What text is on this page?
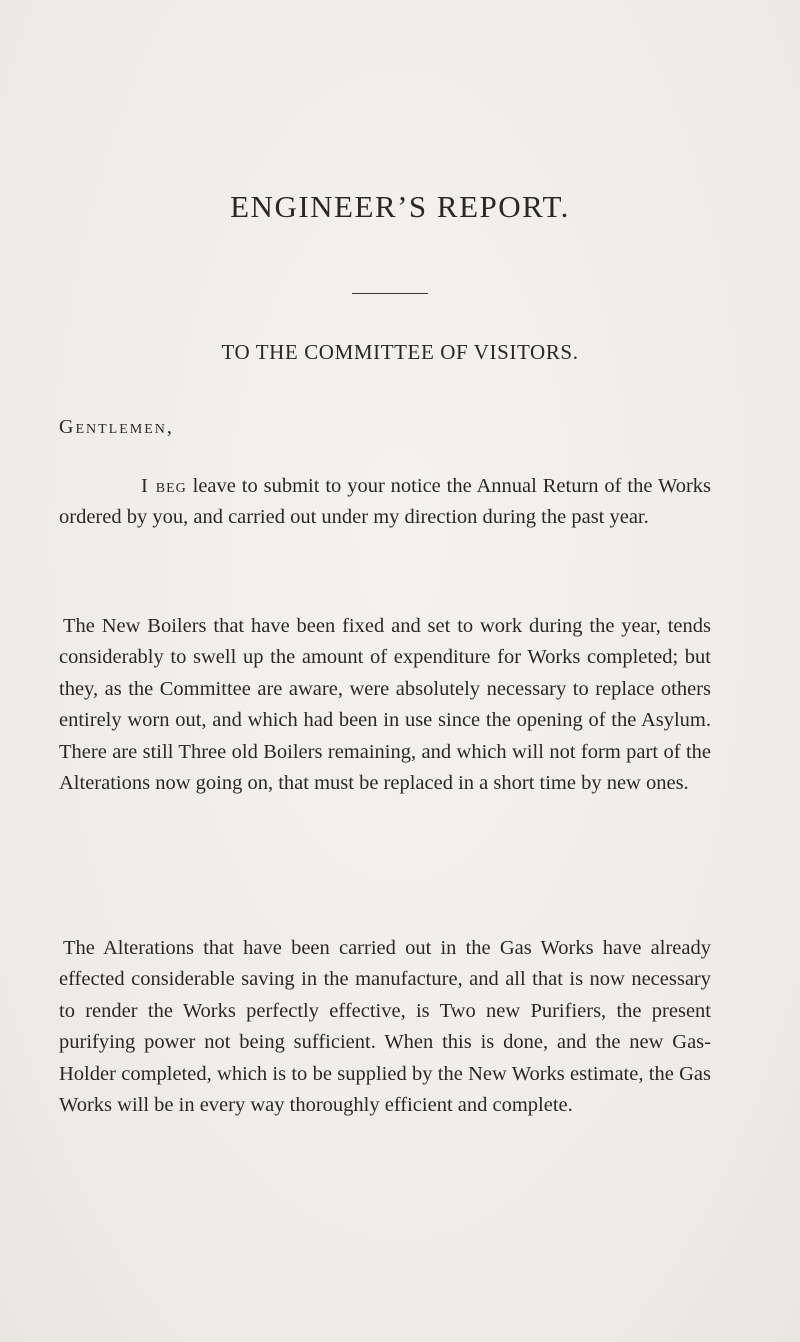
ENGINEER’S REPORT.
TO THE COMMITTEE OF VISITORS.
Gentlemen,

I beg leave to submit to your notice the Annual Return of the Works ordered by you, and carried out under my direction during the past year.

The New Boilers that have been fixed and set to work during the year, tends considerably to swell up the amount of expenditure for Works completed; but they, as the Committee are aware, were absolutely necessary to replace others entirely worn out, and which had been in use since the opening of the Asylum. There are still Three old Boilers remaining, and which will not form part of the Alterations now going on, that must be replaced in a short time by new ones.

The Alterations that have been carried out in the Gas Works have already effected considerable saving in the manufacture, and all that is now necessary to render the Works perfectly effective, is Two new Purifiers, the present purifying power not being sufficient. When this is done, and the new Gas-Holder completed, which is to be supplied by the New Works estimate, the Gas Works will be in every way thoroughly efficient and complete.
